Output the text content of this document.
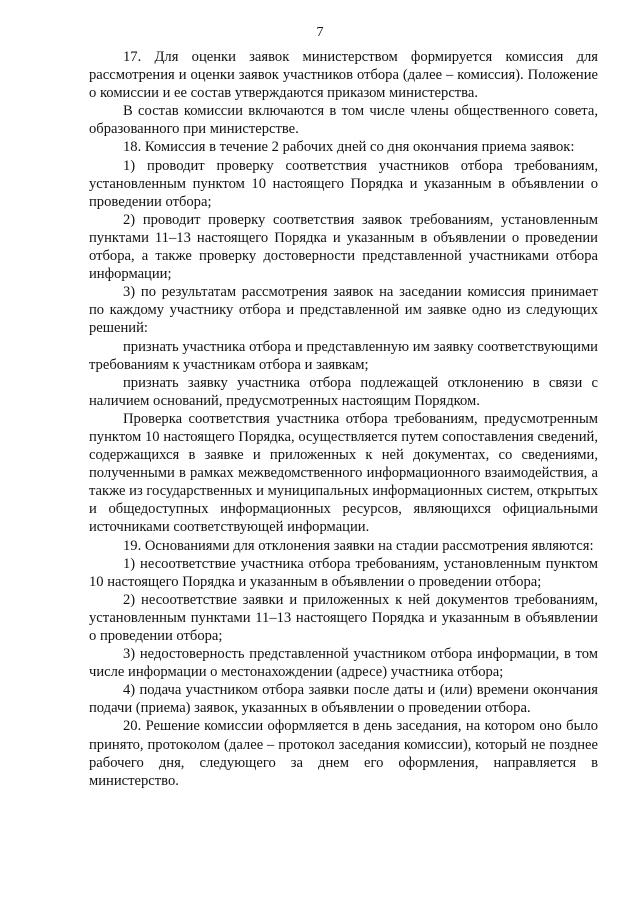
7

17. Для оценки заявок министерством формируется комиссия для рассмотрения и оценки заявок участников отбора (далее – комиссия). Положение о комиссии и ее состав утверждаются приказом министерства.

В состав комиссии включаются в том числе члены общественного совета, образованного при министерстве.

18. Комиссия в течение 2 рабочих дней со дня окончания приема заявок:

1) проводит проверку соответствия участников отбора требованиям, установленным пунктом 10 настоящего Порядка и указанным в объявлении о проведении отбора;

2) проводит проверку соответствия заявок требованиям, установленным пунктами 11–13 настоящего Порядка и указанным в объявлении о проведении отбора, а также проверку достоверности представленной участниками отбора информации;

3) по результатам рассмотрения заявок на заседании комиссия принимает по каждому участнику отбора и представленной им заявке одно из следующих решений:

признать участника отбора и представленную им заявку соответствующими требованиям к участникам отбора и заявкам;

признать заявку участника отбора подлежащей отклонению в связи с наличием оснований, предусмотренных настоящим Порядком.

Проверка соответствия участника отбора требованиям, предусмотренным пунктом 10 настоящего Порядка, осуществляется путем сопоставления сведений, содержащихся в заявке и приложенных к ней документах, со сведениями, полученными в рамках межведомственного информационного взаимодействия, а также из государственных и муниципальных информационных систем, открытых и общедоступных информационных ресурсов, являющихся официальными источниками соответствующей информации.

19. Основаниями для отклонения заявки на стадии рассмотрения являются:

1) несоответствие участника отбора требованиям, установленным пунктом 10 настоящего Порядка и указанным в объявлении о проведении отбора;

2) несоответствие заявки и приложенных к ней документов требованиям, установленным пунктами 11–13 настоящего Порядка и указанным в объявлении о проведении отбора;

3) недостоверность представленной участником отбора информации, в том числе информации о местонахождении (адресе) участника отбора;

4) подача участником отбора заявки после даты и (или) времени окончания подачи (приема) заявок, указанных в объявлении о проведении отбора.

20. Решение комиссии оформляется в день заседания, на котором оно было принято, протоколом (далее – протокол заседания комиссии), который не позднее рабочего дня, следующего за днем его оформления, направляется в министерство.
